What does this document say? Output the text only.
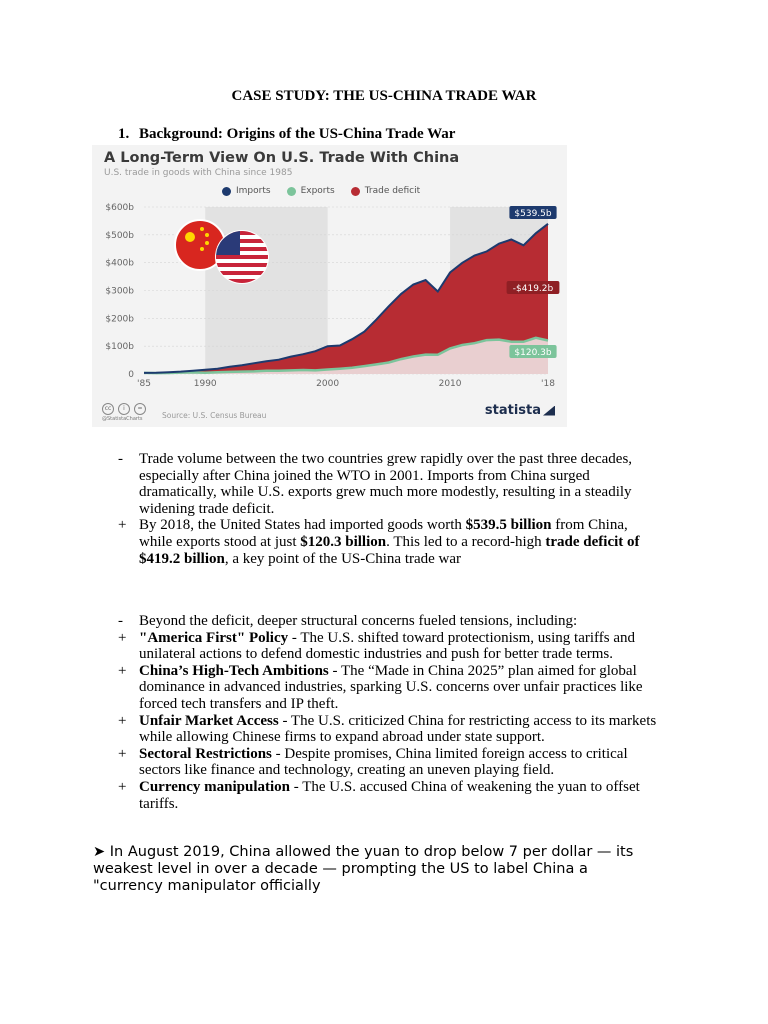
CASE STUDY: THE US-CHINA TRADE WAR
1. Background: Origins of the US-China Trade War
0
$100b
$200b
$300b
$400b
$500b
$600b
'85	1990	2000	2010	'18
$539.5b
-$419.2b
$120.3b
A Long-Term View On U.S. Trade With China
U.S. trade in goods with China since 1985
Imports	Exports	Trade deficit
cc	i	=
@StatistaCharts	Source: U.S. Census Bureau	statista
-	Trade volume between the two countries grew rapidly over the past three decades, especially after China joined the WTO in 2001. Imports from China surged dramatically, while U.S. exports grew much more modestly, resulting in a steadily widening trade deficit.
+ By 2018, the United States had imported goods worth $539.5 billion from China, while exports stood at just $120.3 billion. This led to a record-high trade deficit of $419.2 billion, a key point of the US-China trade war
-	Beyond the deficit, deeper structural concerns fueled tensions, including:
+ "America First" Policy - The U.S. shifted toward protectionism, using tariffs and unilateral actions to defend domestic industries and push for better trade terms.
+ China’s High-Tech Ambitions - The “Made in China 2025” plan aimed for global dominance in advanced industries, sparking U.S. concerns over unfair practices like forced tech transfers and IP theft.
+ Unfair Market Access - The U.S. criticized China for restricting access to its markets while allowing Chinese firms to expand abroad under state support.
+ Sectoral Restrictions - Despite promises, China limited foreign access to critical sectors like finance and technology, creating an uneven playing field.
+ Currency manipulation - The U.S. accused China of weakening the yuan to offset tariffs.
➤ In August 2019, China allowed the yuan to drop below 7 per dollar — its weakest level in over a decade — prompting the US to label China a "currency manipulator officially
